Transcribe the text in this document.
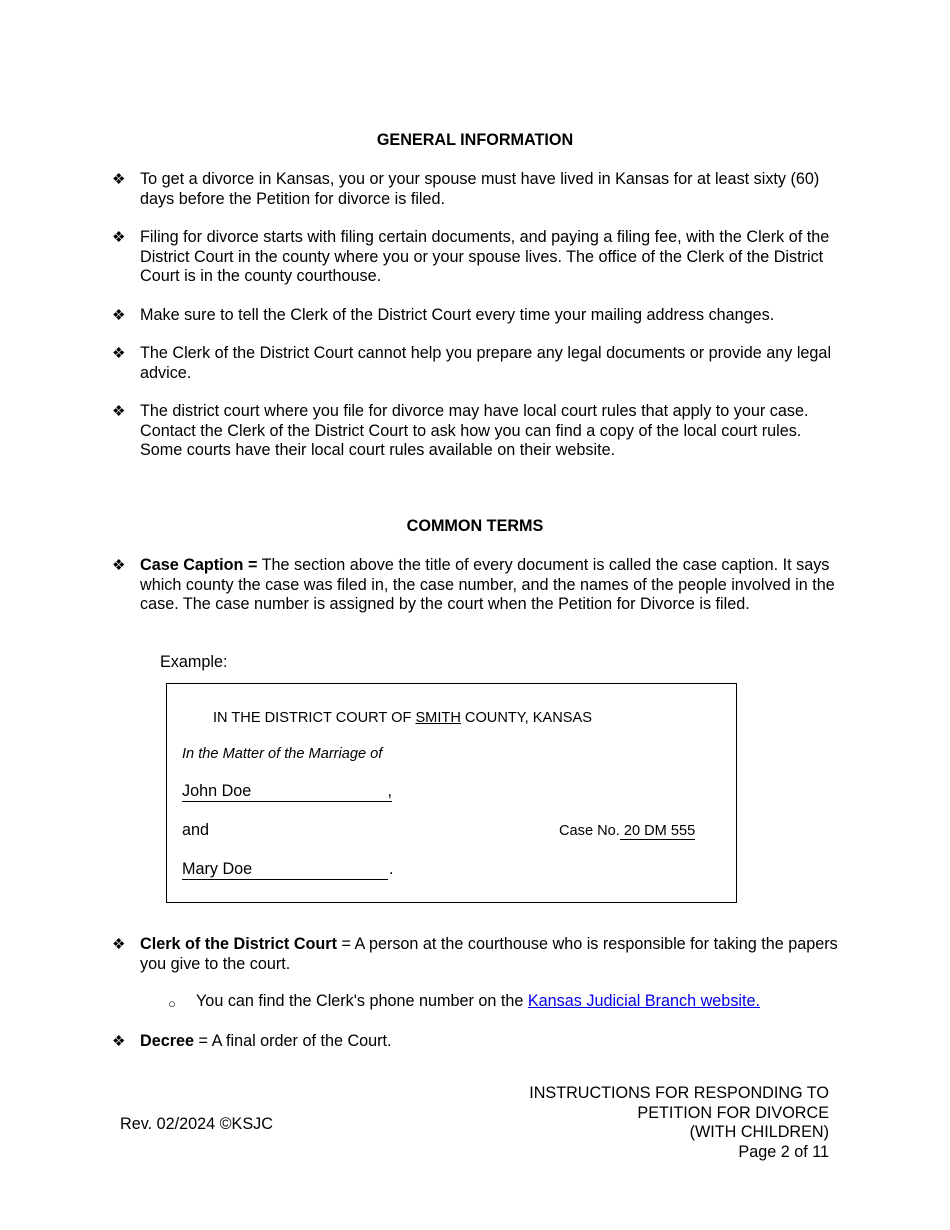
GENERAL INFORMATION
❖ To get a divorce in Kansas, you or your spouse must have lived in Kansas for at least sixty (60) days before the Petition for divorce is filed.
❖ Filing for divorce starts with filing certain documents, and paying a filing fee, with the Clerk of the District Court in the county where you or your spouse lives. The office of the Clerk of the District Court is in the county courthouse.
❖ Make sure to tell the Clerk of the District Court every time your mailing address changes.
❖ The Clerk of the District Court cannot help you prepare any legal documents or provide any legal advice.
❖ The district court where you file for divorce may have local court rules that apply to your case. Contact the Clerk of the District Court to ask how you can find a copy of the local court rules. Some courts have their local court rules available on their website.
COMMON TERMS
❖ Case Caption = The section above the title of every document is called the case caption. It says which county the case was filed in, the case number, and the names of the people involved in the case. The case number is assigned by the court when the Petition for Divorce is filed.
Example:
IN THE DISTRICT COURT OF SMITH COUNTY, KANSAS
In the Matter of the Marriage of
John Doe	,
and	Case No. 20 DM 555
Mary Doe	.
❖ Clerk of the District Court = A person at the courthouse who is responsible for taking the papers you give to the court.
○ You can find the Clerk's phone number on the Kansas Judicial Branch website.
❖ Decree = A final order of the Court.
Rev. 02/2024 ©KSJC
INSTRUCTIONS FOR RESPONDING TO
PETITION FOR DIVORCE
(WITH CHILDREN)
Page 2 of 11
